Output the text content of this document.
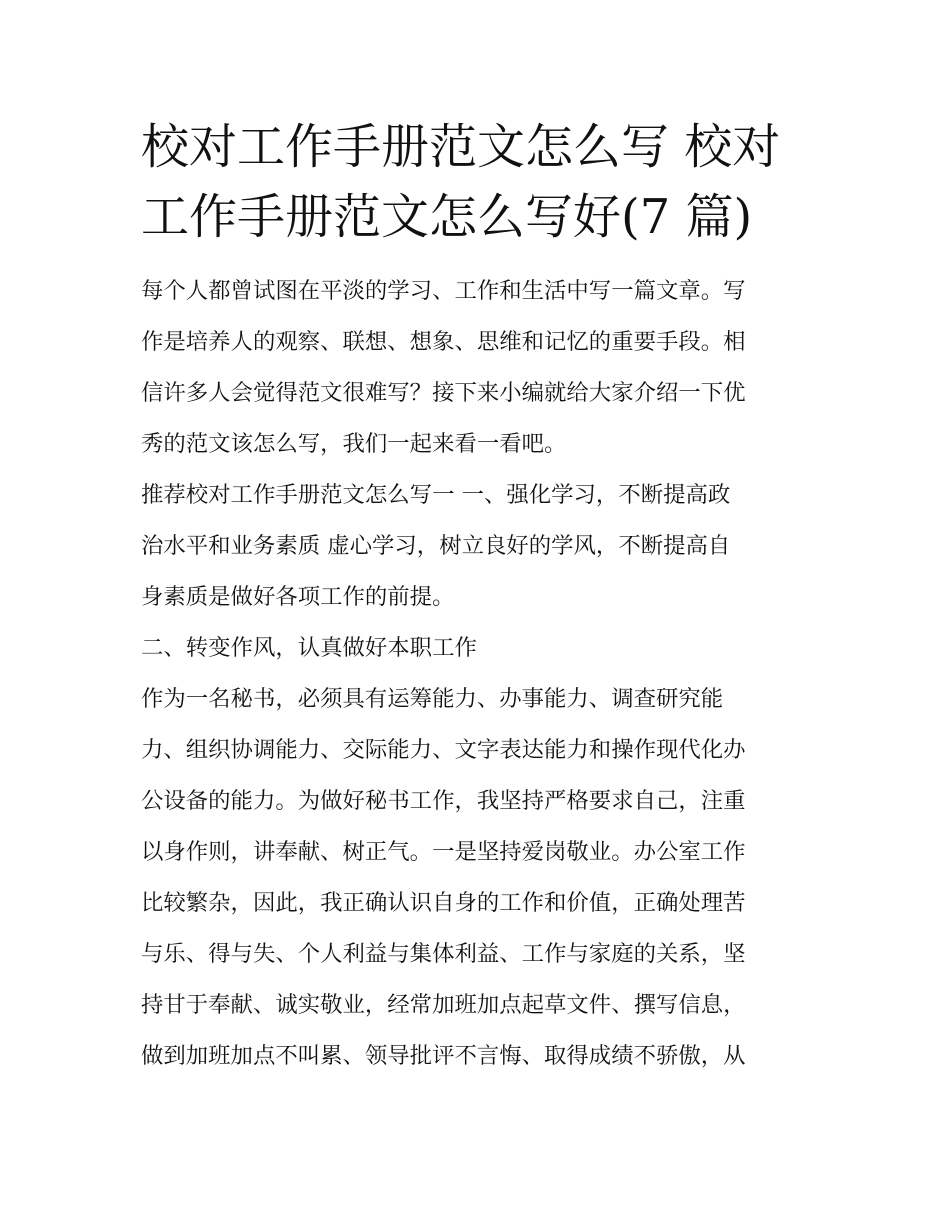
校对工作手册范文怎么写 校对
工作手册范文怎么写好(7 篇)
每个人都曾试图在平淡的学习、工作和生活中写一篇文章。写
作是培养人的观察、联想、想象、思维和记忆的重要手段。相
信许多人会觉得范文很难写？接下来小编就给大家介绍一下优
秀的范文该怎么写，我们一起来看一看吧。
推荐校对工作手册范文怎么写一 一、强化学习，不断提高政
治水平和业务素质 虚心学习，树立良好的学风，不断提高自
身素质是做好各项工作的前提。
二、转变作风，认真做好本职工作
作为一名秘书，必须具有运筹能力、办事能力、调查研究能
力、组织协调能力、交际能力、文字表达能力和操作现代化办
公设备的能力。为做好秘书工作，我坚持严格要求自己，注重
以身作则，讲奉献、树正气。一是坚持爱岗敬业。办公室工作
比较繁杂，因此，我正确认识自身的工作和价值，正确处理苦
与乐、得与失、个人利益与集体利益、工作与家庭的关系，坚
持甘于奉献、诚实敬业，经常加班加点起草文件、撰写信息，
做到加班加点不叫累、领导批评不言悔、取得成绩不骄傲，从
